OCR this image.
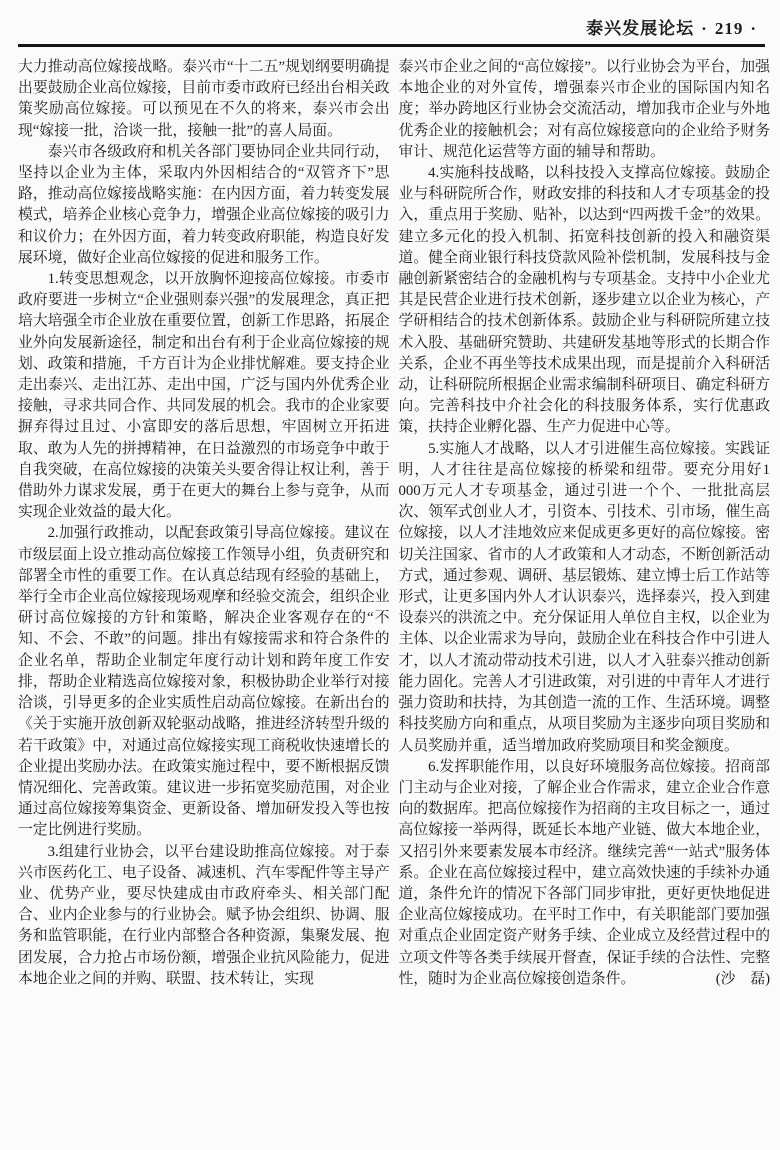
泰兴发展论坛 · 219 ·

大力推动高位嫁接战略。泰兴市“十二五”规划纲要明确提出要鼓励企业高位嫁接，目前市委市政府已经出台相关政策奖励高位嫁接。可以预见在不久的将来，泰兴市会出现“嫁接一批，洽谈一批，接触一批”的喜人局面。

泰兴市各级政府和机关各部门要协同企业共同行动，坚持以企业为主体，采取内外因相结合的“双管齐下”思路，推动高位嫁接战略实施：在内因方面，着力转变发展模式，培养企业核心竞争力，增强企业高位嫁接的吸引力和议价力；在外因方面，着力转变政府职能，构造良好发展环境，做好企业高位嫁接的促进和服务工作。

1.转变思想观念，以开放胸怀迎接高位嫁接。市委市政府要进一步树立“企业强则泰兴强”的发展理念，真正把培大培强全市企业放在重要位置，创新工作思路，拓展企业外向发展新途径，制定和出台有利于企业高位嫁接的规划、政策和措施，千方百计为企业排忧解难。要支持企业走出泰兴、走出江苏、走出中国，广泛与国内外优秀企业接触，寻求共同合作、共同发展的机会。我市的企业家要摒弃得过且过、小富即安的落后思想，牢固树立开拓进取、敢为人先的拼搏精神，在日益激烈的市场竞争中敢于自我突破，在高位嫁接的决策关头要舍得让权让利，善于借助外力谋求发展，勇于在更大的舞台上参与竞争，从而实现企业效益的最大化。

2.加强行政推动，以配套政策引导高位嫁接。建议在市级层面上设立推动高位嫁接工作领导小组，负责研究和部署全市性的重要工作。在认真总结现有经验的基础上，举行全市企业高位嫁接现场观摩和经验交流会，组织企业研讨高位嫁接的方针和策略，解决企业客观存在的“不知、不会、不敢”的问题。排出有嫁接需求和符合条件的企业名单，帮助企业制定年度行动计划和跨年度工作安排，帮助企业精选高位嫁接对象，积极协助企业举行对接洽谈，引导更多的企业实质性启动高位嫁接。在新出台的《关于实施开放创新双轮驱动战略，推进经济转型升级的若干政策》中，对通过高位嫁接实现工商税收快速增长的企业提出奖励办法。在政策实施过程中，要不断根据反馈情况细化、完善政策。建议进一步拓宽奖励范围，对企业通过高位嫁接筹集资金、更新设备、增加研发投入等也按一定比例进行奖励。

3.组建行业协会，以平台建设助推高位嫁接。对于泰兴市医药化工、电子设备、减速机、汽车零配件等主导产业、优势产业，要尽快建成由市政府牵头、相关部门配合、业内企业参与的行业协会。赋予协会组织、协调、服务和监管职能，在行业内部整合各种资源，集聚发展、抱团发展，合力抢占市场份额，增强企业抗风险能力，促进本地企业之间的并购、联盟、技术转让，实现

泰兴市企业之间的“高位嫁接”。以行业协会为平台，加强本地企业的对外宣传，增强泰兴市企业的国际国内知名度；举办跨地区行业协会交流活动，增加我市企业与外地优秀企业的接触机会；对有高位嫁接意向的企业给予财务审计、规范化运营等方面的辅导和帮助。

4.实施科技战略，以科技投入支撑高位嫁接。鼓励企业与科研院所合作，财政安排的科技和人才专项基金的投入，重点用于奖励、贴补，以达到“四两拨千金”的效果。建立多元化的投入机制、拓宽科技创新的投入和融资渠道。健全商业银行科技贷款风险补偿机制，发展科技与金融创新紧密结合的金融机构与专项基金。支持中小企业尤其是民营企业进行技术创新，逐步建立以企业为核心，产学研相结合的技术创新体系。鼓励企业与科研院所建立技术入股、基础研究赞助、共建研发基地等形式的长期合作关系，企业不再坐等技术成果出现，而是提前介入科研活动，让科研院所根据企业需求编制科研项目、确定科研方向。完善科技中介社会化的科技服务体系，实行优惠政策，扶持企业孵化器、生产力促进中心等。

5.实施人才战略，以人才引进催生高位嫁接。实践证明，人才往往是高位嫁接的桥梁和纽带。要充分用好1 000万元人才专项基金，通过引进一个个、一批批高层次、领军式创业人才，引资本、引技术、引市场，催生高位嫁接，以人才洼地效应来促成更多更好的高位嫁接。密切关注国家、省市的人才政策和人才动态，不断创新活动方式，通过参观、调研、基层锻炼、建立博士后工作站等形式，让更多国内外人才认识泰兴，选择泰兴，投入到建设泰兴的洪流之中。充分保证用人单位自主权，以企业为主体、以企业需求为导向，鼓励企业在科技合作中引进人才，以人才流动带动技术引进，以人才入驻泰兴推动创新能力固化。完善人才引进政策，对引进的中青年人才进行强力资助和扶持，为其创造一流的工作、生活环境。调整科技奖励方向和重点，从项目奖励为主逐步向项目奖励和人员奖励并重，适当增加政府奖励项目和奖金额度。

6.发挥职能作用，以良好环境服务高位嫁接。招商部门主动与企业对接，了解企业合作需求，建立企业合作意向的数据库。把高位嫁接作为招商的主攻目标之一，通过高位嫁接一举两得，既延长本地产业链、做大本地企业，又招引外来要素发展本市经济。继续完善“一站式”服务体系。企业在高位嫁接过程中，建立高效快速的手续补办通道，条件允许的情况下各部门同步审批，更好更快地促进企业高位嫁接成功。在平时工作中，有关职能部门要加强对重点企业固定资产财务手续、企业成立及经营过程中的立项文件等各类手续展开督查，保证手续的合法性、完整性，随时为企业高位嫁接创造条件。	(沙　磊)
